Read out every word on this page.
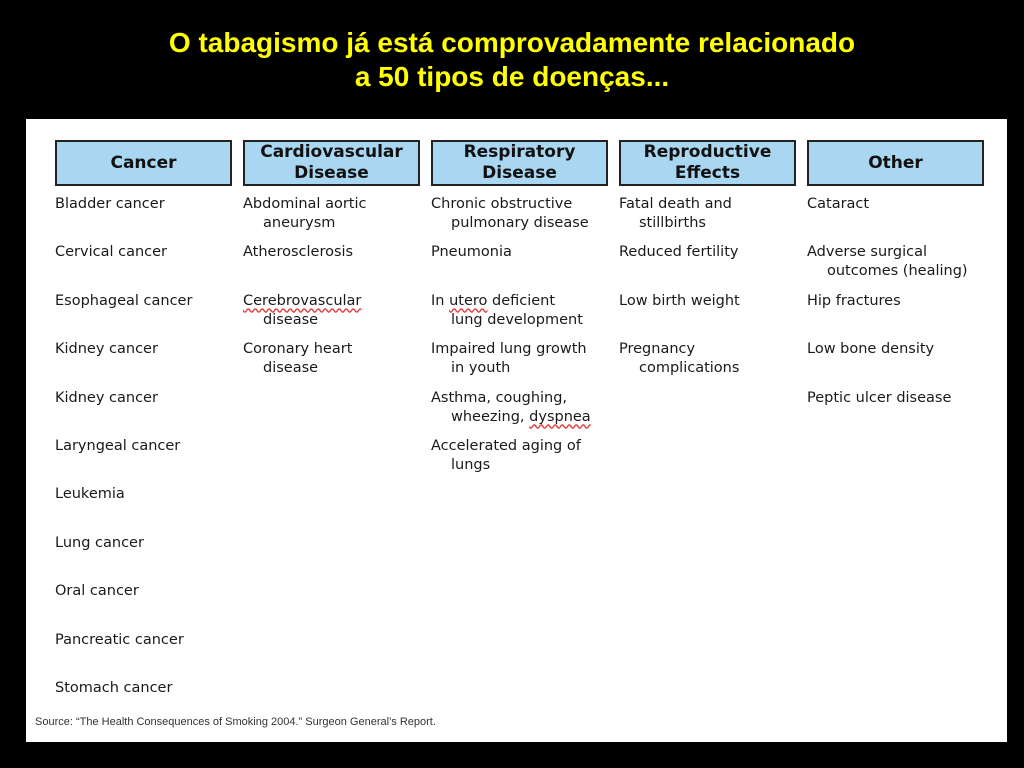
O tabagismo já está comprovadamente relacionado
a 50 tipos de doenças...
Cancer
Bladder cancer
Cervical cancer
Esophageal cancer
Kidney cancer
Kidney cancer
Laryngeal cancer
Leukemia
Lung cancer
Oral cancer
Pancreatic cancer
Stomach cancer
Cardiovascular
Disease
Abdominal aortic
aneurysm
Atherosclerosis
Cerebrovascular
disease
Coronary heart
disease
Respiratory
Disease
Chronic obstructive
pulmonary disease
Pneumonia
In utero deficient
lung development
Impaired lung growth
in youth
Asthma, coughing,
wheezing, dyspnea
Accelerated aging of
lungs
Reproductive
Effects
Fatal death and
stillbirths
Reduced fertility
Low birth weight
Pregnancy
complications
Other
Cataract
Adverse surgical
outcomes (healing)
Hip fractures
Low bone density
Peptic ulcer disease
Source: “The Health Consequences of Smoking 2004.” Surgeon General’s Report.
